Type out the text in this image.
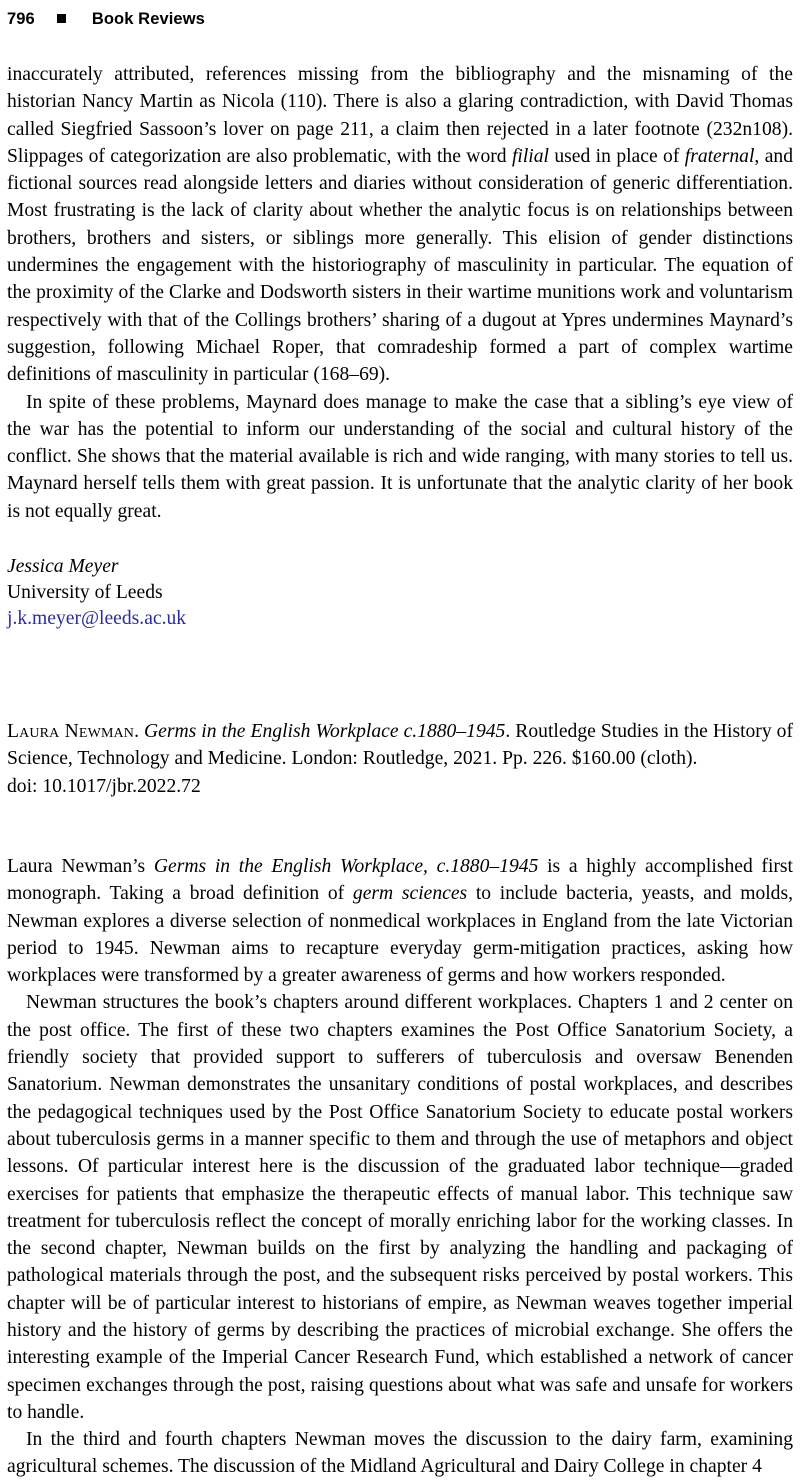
796	Book Reviews

inaccurately attributed, references missing from the bibliography and the misnaming of the historian Nancy Martin as Nicola (110). There is also a glaring contradiction, with David Thomas called Siegfried Sassoon’s lover on page 211, a claim then rejected in a later footnote (232n108). Slippages of categorization are also problematic, with the word filial used in place of fraternal, and fictional sources read alongside letters and diaries without consideration of generic differentiation. Most frustrating is the lack of clarity about whether the analytic focus is on relationships between brothers, brothers and sisters, or siblings more generally. This elision of gender distinctions undermines the engagement with the historiography of masculinity in particular. The equation of the proximity of the Clarke and Dodsworth sisters in their wartime munitions work and voluntarism respectively with that of the Collings brothers’ sharing of a dugout at Ypres undermines Maynard’s suggestion, following Michael Roper, that comradeship formed a part of complex wartime definitions of masculinity in particular (168–69).

In spite of these problems, Maynard does manage to make the case that a sibling’s eye view of the war has the potential to inform our understanding of the social and cultural history of the conflict. She shows that the material available is rich and wide ranging, with many stories to tell us. Maynard herself tells them with great passion. It is unfortunate that the analytic clarity of her book is not equally great.

Jessica Meyer
University of Leeds
j.k.meyer@leeds.ac.uk
Laura Newman. Germs in the English Workplace c.1880–1945. Routledge Studies in the History of Science, Technology and Medicine. London: Routledge, 2021. Pp. 226. $160.00 (cloth).
doi: 10.1017/jbr.2022.72

Laura Newman’s Germs in the English Workplace, c.1880–1945 is a highly accomplished first monograph. Taking a broad definition of germ sciences to include bacteria, yeasts, and molds, Newman explores a diverse selection of nonmedical workplaces in England from the late Victorian period to 1945. Newman aims to recapture everyday germ-mitigation practices, asking how workplaces were transformed by a greater awareness of germs and how workers responded.

Newman structures the book’s chapters around different workplaces. Chapters 1 and 2 center on the post office. The first of these two chapters examines the Post Office Sanatorium Society, a friendly society that provided support to sufferers of tuberculosis and oversaw Benenden Sanatorium. Newman demonstrates the unsanitary conditions of postal workplaces, and describes the pedagogical techniques used by the Post Office Sanatorium Society to educate postal workers about tuberculosis germs in a manner specific to them and through the use of metaphors and object lessons. Of particular interest here is the discussion of the graduated labor technique—graded exercises for patients that emphasize the therapeutic effects of manual labor. This technique saw treatment for tuberculosis reflect the concept of morally enriching labor for the working classes. In the second chapter, Newman builds on the first by analyzing the handling and packaging of pathological materials through the post, and the subsequent risks perceived by postal workers. This chapter will be of particular interest to historians of empire, as Newman weaves together imperial history and the history of germs by describing the practices of microbial exchange. She offers the interesting example of the Imperial Cancer Research Fund, which established a network of cancer specimen exchanges through the post, raising questions about what was safe and unsafe for workers to handle.

In the third and fourth chapters Newman moves the discussion to the dairy farm, examining agricultural schemes. The discussion of the Midland Agricultural and Dairy College in chapter 4
